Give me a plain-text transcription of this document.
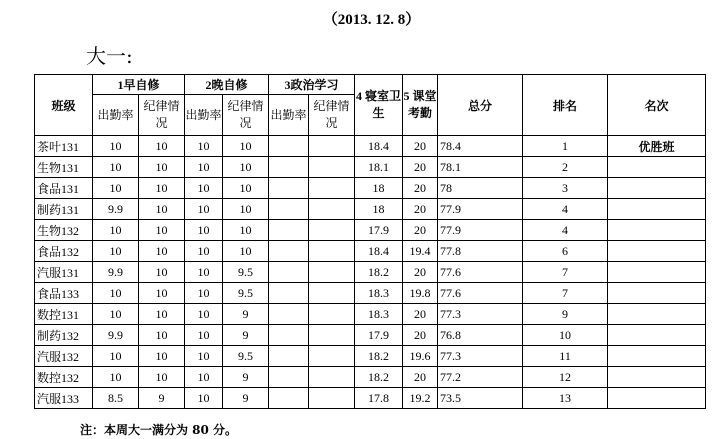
（2013. 12. 8）
大一:
班级	1早自修		2晚自修		3政治学习		4 寝室卫生	5 课堂考勤	总分	排名	名次
	出勤率	纪律情况	出勤率	纪律情况	出勤率	纪律情况					
茶叶131	10	10	10	10			18.4	20	78.4	1	优胜班
生物131	10	10	10	10			18.1	20	78.1	2	
食品131	10	10	10	10			18	20	78	3	
制药131	9.9	10	10	10			18	20	77.9	4	
生物132	10	10	10	10			17.9	20	77.9	4	
食品132	10	10	10	10			18.4	19.4	77.8	6	
汽服131	9.9	10	10	9.5			18.2	20	77.6	7	
食品133	10	10	10	9.5			18.3	19.8	77.6	7	
数控131	10	10	10	9			18.3	20	77.3	9	
制药132	9.9	10	10	9			17.9	20	76.8	10	
汽服132	10	10	10	9.5			18.2	19.6	77.3	11	
数控132	10	10	10	9			18.2	20	77.2	12	
汽服133	8.5	9	10	9			17.8	19.2	73.5	13	
注：本周大一满分为 80 分。
